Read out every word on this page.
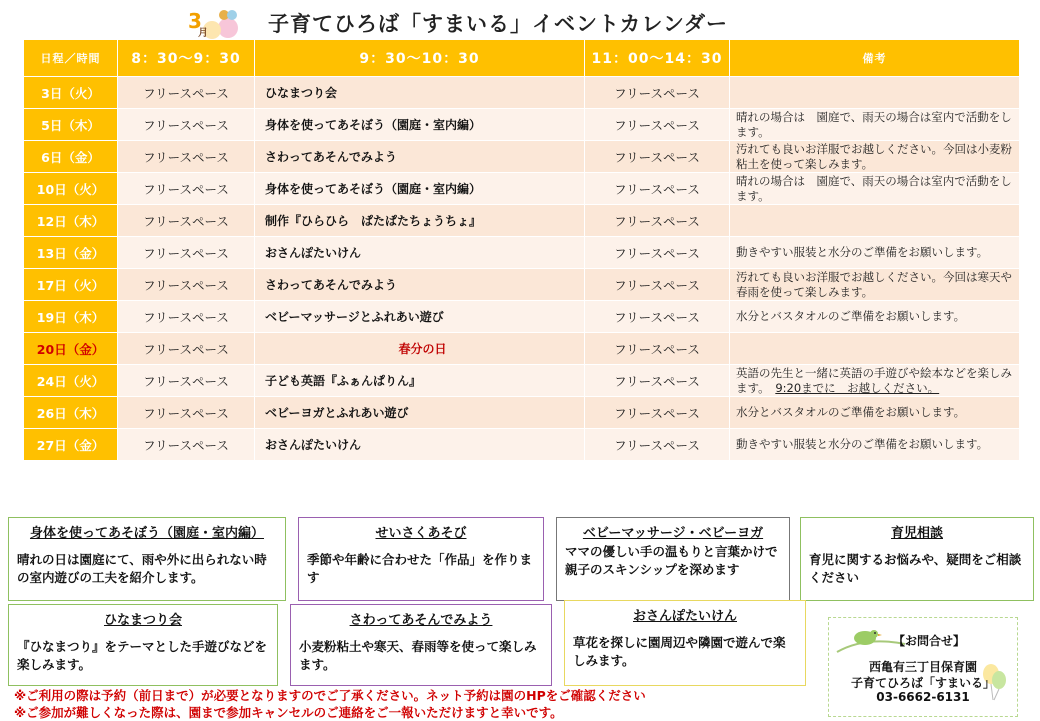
3
月	子育てひろば「すまいる」イベントカレンダー
日程／時間	8：30～9：30	9：30～10：30	11：00～14：30	備考
3日（火）	フリースペース	ひなまつり会	フリースペース	
5日（木）	フリースペース	身体を使ってあそぼう（園庭・室内編）	フリースペース	晴れの場合は　園庭で、雨天の場合は室内で活動をします。
6日（金）	フリースペース	さわってあそんでみよう	フリースペース	汚れても良いお洋服でお越しください。今回は小麦粉粘土を使って楽しみます。
10日（火）	フリースペース	身体を使ってあそぼう（園庭・室内編）	フリースペース	晴れの場合は　園庭で、雨天の場合は室内で活動をします。
12日（木）	フリースペース	制作『ひらひら　ぱたぱたちょうちょ』	フリースペース	
13日（金）	フリースペース	おさんぽたいけん	フリースペース	動きやすい服装と水分のご準備をお願いします。
17日（火）	フリースペース	さわってあそんでみよう	フリースペース	汚れても良いお洋服でお越しください。今回は寒天や春雨を使って楽しみます。
19日（木）	フリースペース	ベビーマッサージとふれあい遊び	フリースペース	水分とバスタオルのご準備をお願いします。
20日（金）	フリースペース	春分の日	フリースペース	
24日（火）	フリースペース	子ども英語『ふぁんぱりん』	フリースペース	英語の先生と一緒に英語の手遊びや絵本などを楽しみます。　 9:20までに　お越しください。
26日（木）	フリースペース	ベビーヨガとふれあい遊び	フリースペース	水分とバスタオルのご準備をお願いします。
27日（金）	フリースペース	おさんぽたいけん	フリースペース	動きやすい服装と水分のご準備をお願いします。
身体を使ってあそぼう（園庭・室内編）
晴れの日は園庭にて、雨や外に出られない時の室内遊びの工夫を紹介します。
せいさくあそび
季節や年齢に合わせた「作品」を作ります
ベビーマッサージ・ベビーヨガ
ママの優しい手の温もりと言葉かけで親子のスキンシップを深めます
育児相談
育児に関するお悩みや、疑問をご相談ください
ひなまつり会
『ひなまつり』をテーマとした手遊びなどを楽しみます。
さわってあそんでみよう
小麦粉粘土や寒天、春雨等を使って楽しみます。
おさんぽたいけん
草花を探しに園周辺や隣園で遊んで楽しみます。
【お問合せ】
西亀有三丁目保育園
子育てひろば「すまいる」
03-6662-6131
※ご利用の際は予約（前日まで）が必要となりますのでご了承ください。ネット予約は園のHPをご確認ください
※ご参加が難しくなった際は、園まで参加キャンセルのご連絡をご一報いただけますと幸いです。
